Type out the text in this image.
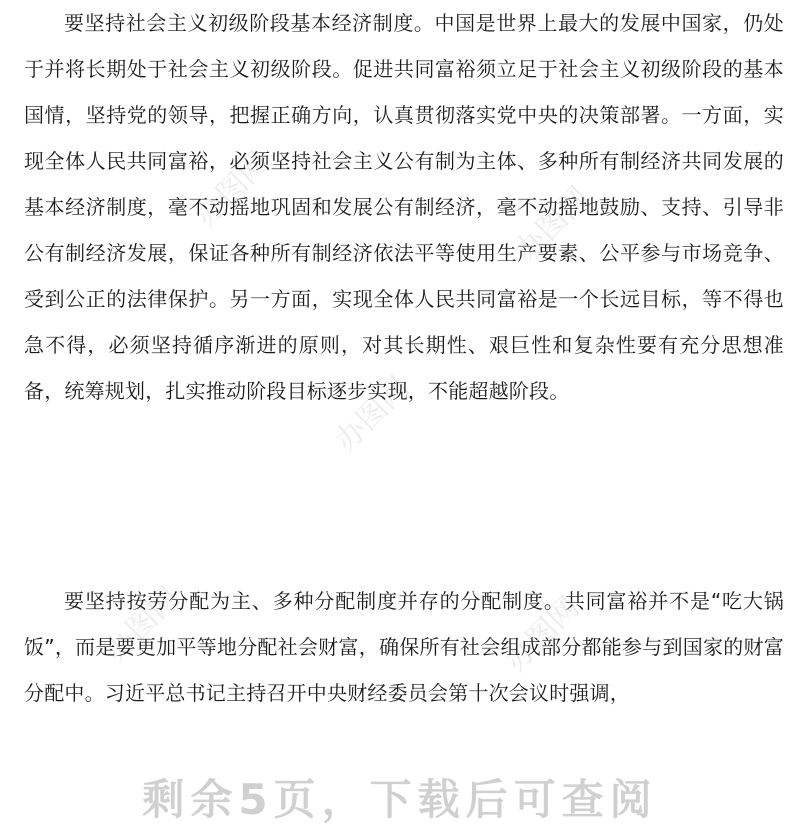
办图网	办图网
办图网
办图网	办图网

要坚持社会主义初级阶段基本经济制度。中国是世界上最大的发展中国家，仍处于并将长期处于社会主义初级阶段。促进共同富裕须立足于社会主义初级阶段的基本国情，坚持党的领导，把握正确方向，认真贯彻落实党中央的决策部署。一方面，实现全体人民共同富裕，必须坚持社会主义公有制为主体、多种所有制经济共同发展的基本经济制度，毫不动摇地巩固和发展公有制经济，毫不动摇地鼓励、支持、引导非公有制经济发展，保证各种所有制经济依法平等使用生产要素、公平参与市场竞争、受到公正的法律保护。另一方面，实现全体人民共同富裕是一个长远目标，等不得也急不得，必须坚持循序渐进的原则，对其长期性、艰巨性和复杂性要有充分思想准备，统筹规划，扎实推动阶段目标逐步实现，不能超越阶段。

要坚持按劳分配为主、多种分配制度并存的分配制度。共同富裕并不是“吃大锅饭”，而是要更加平等地分配社会财富，确保所有社会组成部分都能参与到国家的财富分配中。习近平总书记主持召开中央财经委员会第十次会议时强调，

剩余5页，下载后可查阅
